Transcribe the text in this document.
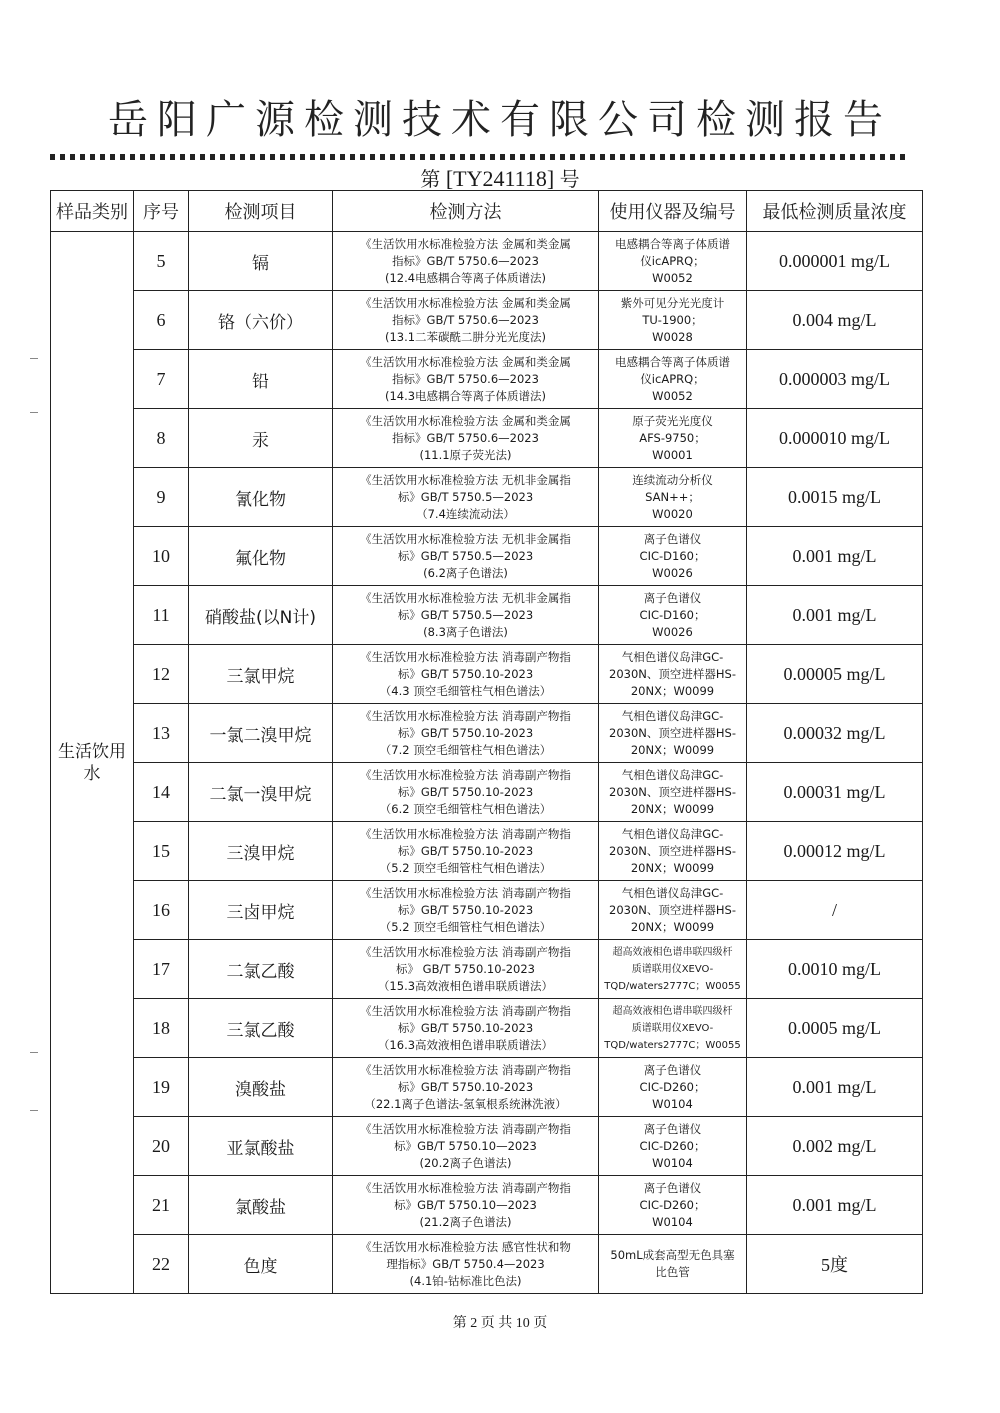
岳阳广源检测技术有限公司检测报告
第 [TY241118] 号
样品类别	序号	检测项目	检测方法	使用仪器及编号	最低检测质量浓度
生活饮用水	5	镉	《生活饮用水标准检验方法 金属和类金属
指标》GB/T 5750.6—2023
(12.4电感耦合等离子体质谱法)	电感耦合等离子体质谱
仪icAPRQ；
W0052	0.000001 mg/L
	6	铬（六价）	《生活饮用水标准检验方法 金属和类金属
指标》GB/T 5750.6—2023
(13.1二苯碳酰二肼分光光度法)	紫外可见分光光度计
TU-1900；
W0028	0.004 mg/L
	7	铅	《生活饮用水标准检验方法 金属和类金属
指标》GB/T 5750.6—2023
(14.3电感耦合等离子体质谱法)	电感耦合等离子体质谱
仪icAPRQ；
W0052	0.000003 mg/L
	8	汞	《生活饮用水标准检验方法 金属和类金属
指标》GB/T 5750.6—2023
(11.1原子荧光法)	原子荧光光度仪
AFS-9750；
W0001	0.000010 mg/L
	9	氰化物	《生活饮用水标准检验方法 无机非金属指
标》GB/T 5750.5—2023
（7.4连续流动法）	连续流动分析仪
SAN++；
W0020	0.0015 mg/L
	10	氟化物	《生活饮用水标准检验方法 无机非金属指
标》GB/T 5750.5—2023
(6.2离子色谱法)	离子色谱仪
CIC-D160；
W0026	0.001 mg/L
	11	硝酸盐(以N计)	《生活饮用水标准检验方法 无机非金属指
标》GB/T 5750.5—2023
(8.3离子色谱法)	离子色谱仪
CIC-D160；
W0026	0.001 mg/L
	12	三氯甲烷	《生活饮用水标准检验方法 消毒副产物指
标》GB/T 5750.10-2023
（4.3 顶空毛细管柱气相色谱法）	气相色谱仪岛津GC-
2030N、顶空进样器HS-
20NX；W0099	0.00005 mg/L
	13	一氯二溴甲烷	《生活饮用水标准检验方法 消毒副产物指
标》GB/T 5750.10-2023
（7.2 顶空毛细管柱气相色谱法）	气相色谱仪岛津GC-
2030N、顶空进样器HS-
20NX；W0099	0.00032 mg/L
	14	二氯一溴甲烷	《生活饮用水标准检验方法 消毒副产物指
标》GB/T 5750.10-2023
（6.2 顶空毛细管柱气相色谱法）	气相色谱仪岛津GC-
2030N、顶空进样器HS-
20NX；W0099	0.00031 mg/L
	15	三溴甲烷	《生活饮用水标准检验方法 消毒副产物指
标》GB/T 5750.10-2023
（5.2 顶空毛细管柱气相色谱法）	气相色谱仪岛津GC-
2030N、顶空进样器HS-
20NX；W0099	0.00012 mg/L
	16	三卤甲烷	《生活饮用水标准检验方法 消毒副产物指
标》GB/T 5750.10-2023
（5.2 顶空毛细管柱气相色谱法）	气相色谱仪岛津GC-
2030N、顶空进样器HS-
20NX；W0099	/
	17	二氯乙酸	《生活饮用水标准检验方法 消毒副产物指
标》 GB/T 5750.10-2023
（15.3高效液相色谱串联质谱法）	超高效液相色谱串联四级杆
质谱联用仪XEVO-
TQD/waters2777C；W0055	0.0010 mg/L
	18	三氯乙酸	《生活饮用水标准检验方法 消毒副产物指
标》GB/T 5750.10-2023
（16.3高效液相色谱串联质谱法）	超高效液相色谱串联四级杆
质谱联用仪XEVO-
TQD/waters2777C；W0055	0.0005 mg/L
	19	溴酸盐	《生活饮用水标准检验方法 消毒副产物指
标》GB/T 5750.10-2023
（22.1离子色谱法-氢氧根系统淋洗液）	离子色谱仪
CIC-D260；
W0104	0.001 mg/L
	20	亚氯酸盐	《生活饮用水标准检验方法 消毒副产物指
标》GB/T 5750.10—2023
(20.2离子色谱法)	离子色谱仪
CIC-D260；
W0104	0.002 mg/L
	21	氯酸盐	《生活饮用水标准检验方法 消毒副产物指
标》GB/T 5750.10—2023
(21.2离子色谱法)	离子色谱仪
CIC-D260；
W0104	0.001 mg/L
	22	色度	《生活饮用水标准检验方法 感官性状和物
理指标》GB/T 5750.4—2023
(4.1铂-钴标准比色法)	50mL成套高型无色具塞
比色管	5度
第 2 页 共 10 页
